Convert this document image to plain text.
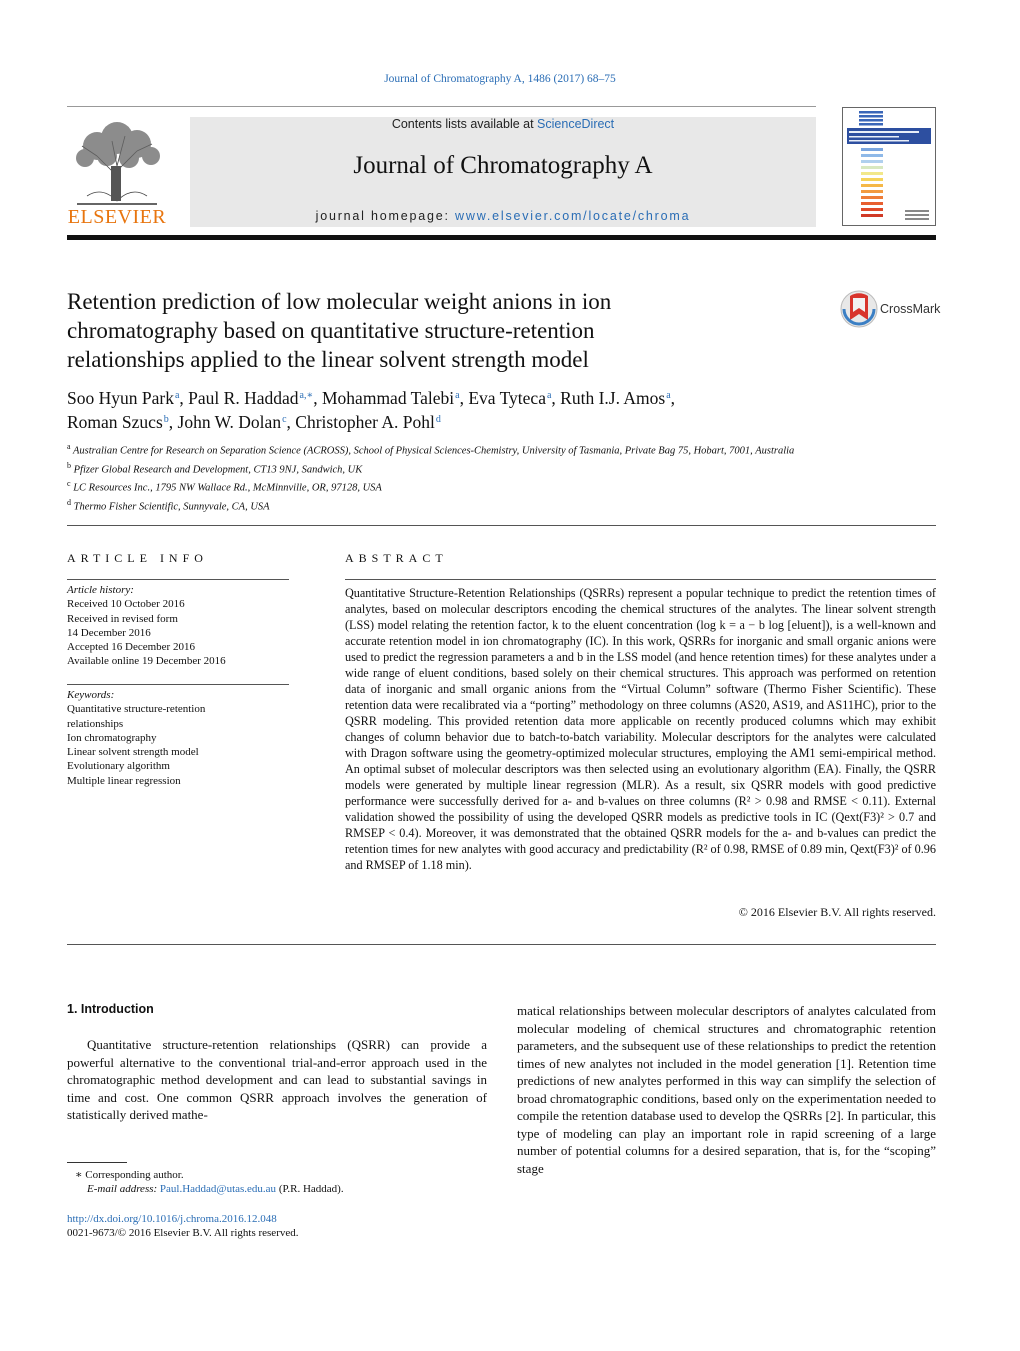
Journal of Chromatography A, 1486 (2017) 68–75
ELSEVIER
Contents lists available at ScienceDirect
Journal of Chromatography A
journal homepage: www.elsevier.com/locate/chroma
Retention prediction of low molecular weight anions in ion
chromatography based on quantitative structure-retention
relationships applied to the linear solvent strength model
CrossMark
Soo Hyun Park$^a$, Paul R. Haddad$^{a,∗}$, Mohammad Talebi$^a$, Eva Tyteca$^a$, Ruth I.J. Amos$^a$,
Roman Szucs$^b$, John W. Dolan$^c$, Christopher A. Pohl$^d$
$^a$ Australian Centre for Research on Separation Science (ACROSS), School of Physical Sciences-Chemistry, University of Tasmania, Private Bag 75, Hobart, 7001, Australia
$^b$ Pfizer Global Research and Development, CT13 9NJ, Sandwich, UK
$^c$ LC Resources Inc., 1795 NW Wallace Rd., McMinnville, OR, 97128, USA
$^d$ Thermo Fisher Scientific, Sunnyvale, CA, USA
ARTICLE INFO
Article history:
Received 10 October 2016
Received in revised form
14 December 2016
Accepted 16 December 2016
Available online 19 December 2016
Keywords:
Quantitative structure-retention
relationships
Ion chromatography
Linear solvent strength model
Evolutionary algorithm
Multiple linear regression
ABSTRACT
Quantitative Structure-Retention Relationships (QSRRs) represent a popular technique to predict the retention times of analytes, based on molecular descriptors encoding the chemical structures of the analytes. The linear solvent strength (LSS) model relating the retention factor, k to the eluent concentration (log k = a − b log [eluent]), is a well-known and accurate retention model in ion chromatography (IC). In this work, QSRRs for inorganic and small organic anions were used to predict the regression parameters a and b in the LSS model (and hence retention times) for these analytes under a wide range of eluent conditions, based solely on their chemical structures. This approach was performed on retention data of inorganic and small organic anions from the “Virtual Column” software (Thermo Fisher Scientific). These retention data were recalibrated via a “porting” methodology on three columns (AS20, AS19, and AS11HC), prior to the QSRR modeling. This provided retention data more applicable on recently produced columns which may exhibit changes of column behavior due to batch-to-batch variability. Molecular descriptors for the analytes were calculated with Dragon software using the geometry-optimized molecular structures, employing the AM1 semi-empirical method. An optimal subset of molecular descriptors was then selected using an evolutionary algorithm (EA). Finally, the QSRR models were generated by multiple linear regression (MLR). As a result, six QSRR models with good predictive performance were successfully derived for a- and b-values on three columns (R² > 0.98 and RMSE < 0.11). External validation showed the possibility of using the developed QSRR models as predictive tools in IC (Qext(F3)² > 0.7 and RMSEP < 0.4). Moreover, it was demonstrated that the obtained QSRR models for the a- and b-values can predict the retention times for new analytes with good accuracy and predictability (R² of 0.98, RMSE of 0.89 min, Qext(F3)² of 0.96 and RMSEP of 1.18 min).
© 2016 Elsevier B.V. All rights reserved.
1. Introduction
Quantitative structure-retention relationships (QSRR) can provide a powerful alternative to the conventional trial-and-error approach used in the chromatographic method development and can lead to substantial savings in time and cost. One common QSRR approach involves the generation of statistically derived mathe-
matical relationships between molecular descriptors of analytes calculated from molecular modeling of chemical structures and chromatographic retention parameters, and the subsequent use of these relationships to predict the retention times of new analytes not included in the model generation [1]. Retention time predictions of new analytes performed in this way can simplify the selection of broad chromatographic conditions, based only on the experimentation needed to compile the retention database used to develop the QSRRs [2]. In particular, this type of modeling can play an important role in rapid screening of a large number of potential columns for a desired separation, that is, for the “scoping” stage
∗ Corresponding author.
E-mail address: Paul.Haddad@utas.edu.au (P.R. Haddad).
http://dx.doi.org/10.1016/j.chroma.2016.12.048
0021-9673/© 2016 Elsevier B.V. All rights reserved.
